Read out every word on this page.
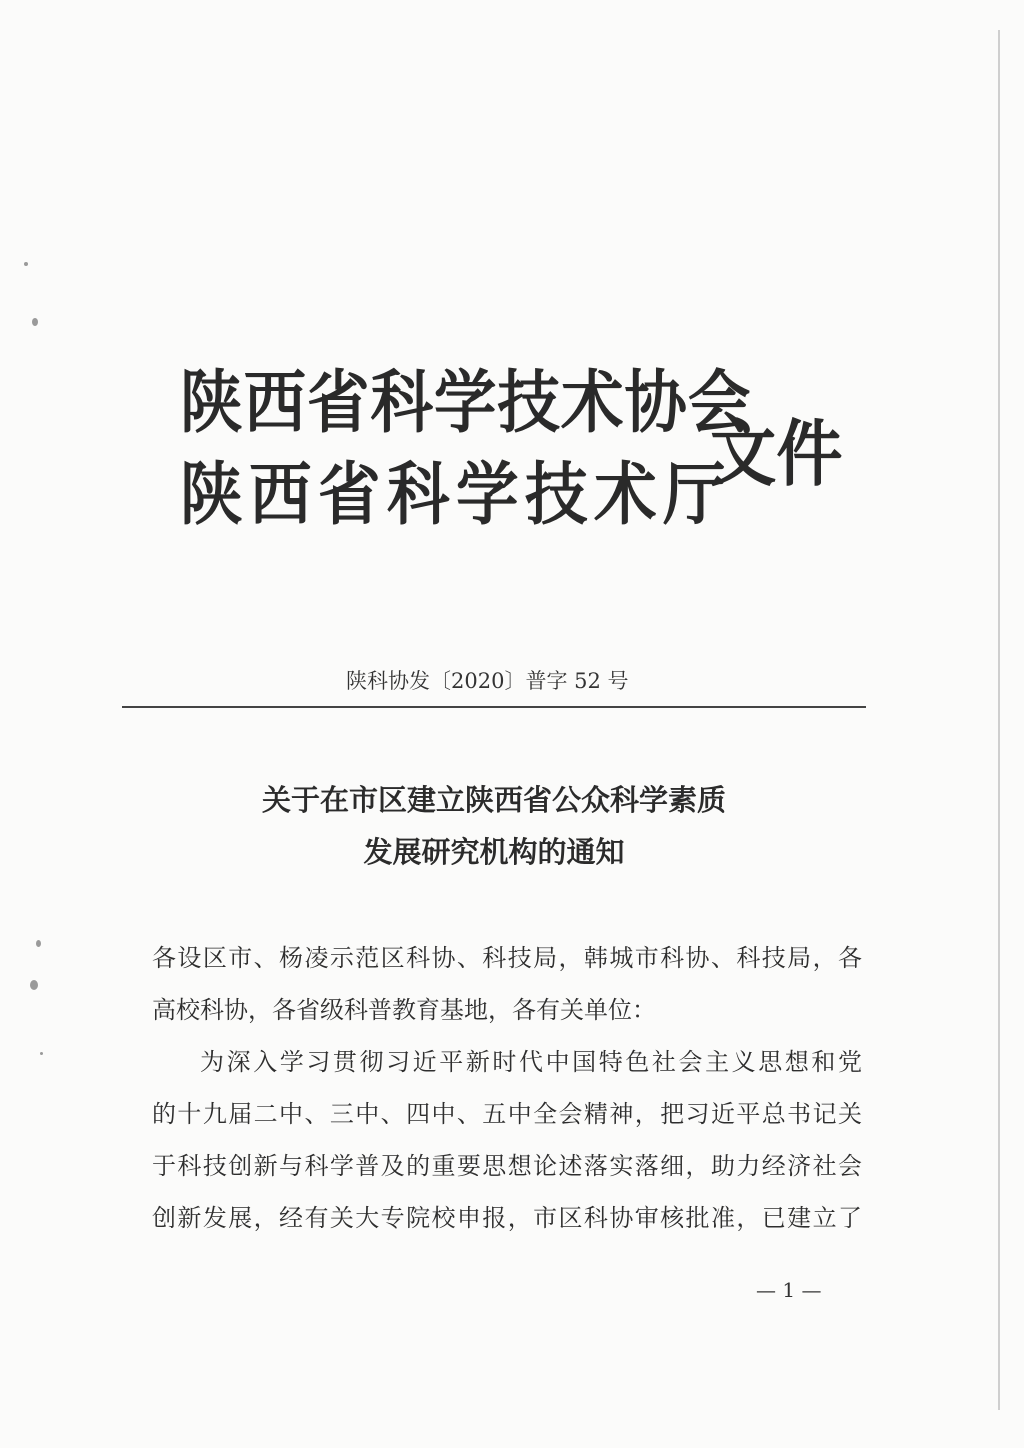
陕西省科学技术协会
陕西省科学技术厅
文件
陕科协发〔2020〕普字 52 号
关于在市区建立陕西省公众科学素质
发展研究机构的通知
各设区市、杨凌示范区科协、科技局，韩城市科协、科技局，各
高校科协，各省级科普教育基地，各有关单位：
为深入学习贯彻习近平新时代中国特色社会主义思想和党
的十九届二中、三中、四中、五中全会精神，把习近平总书记关
于科技创新与科学普及的重要思想论述落实落细，助力经济社会
创新发展，经有关大专院校申报，市区科协审核批准，已建立了
— 1 —
